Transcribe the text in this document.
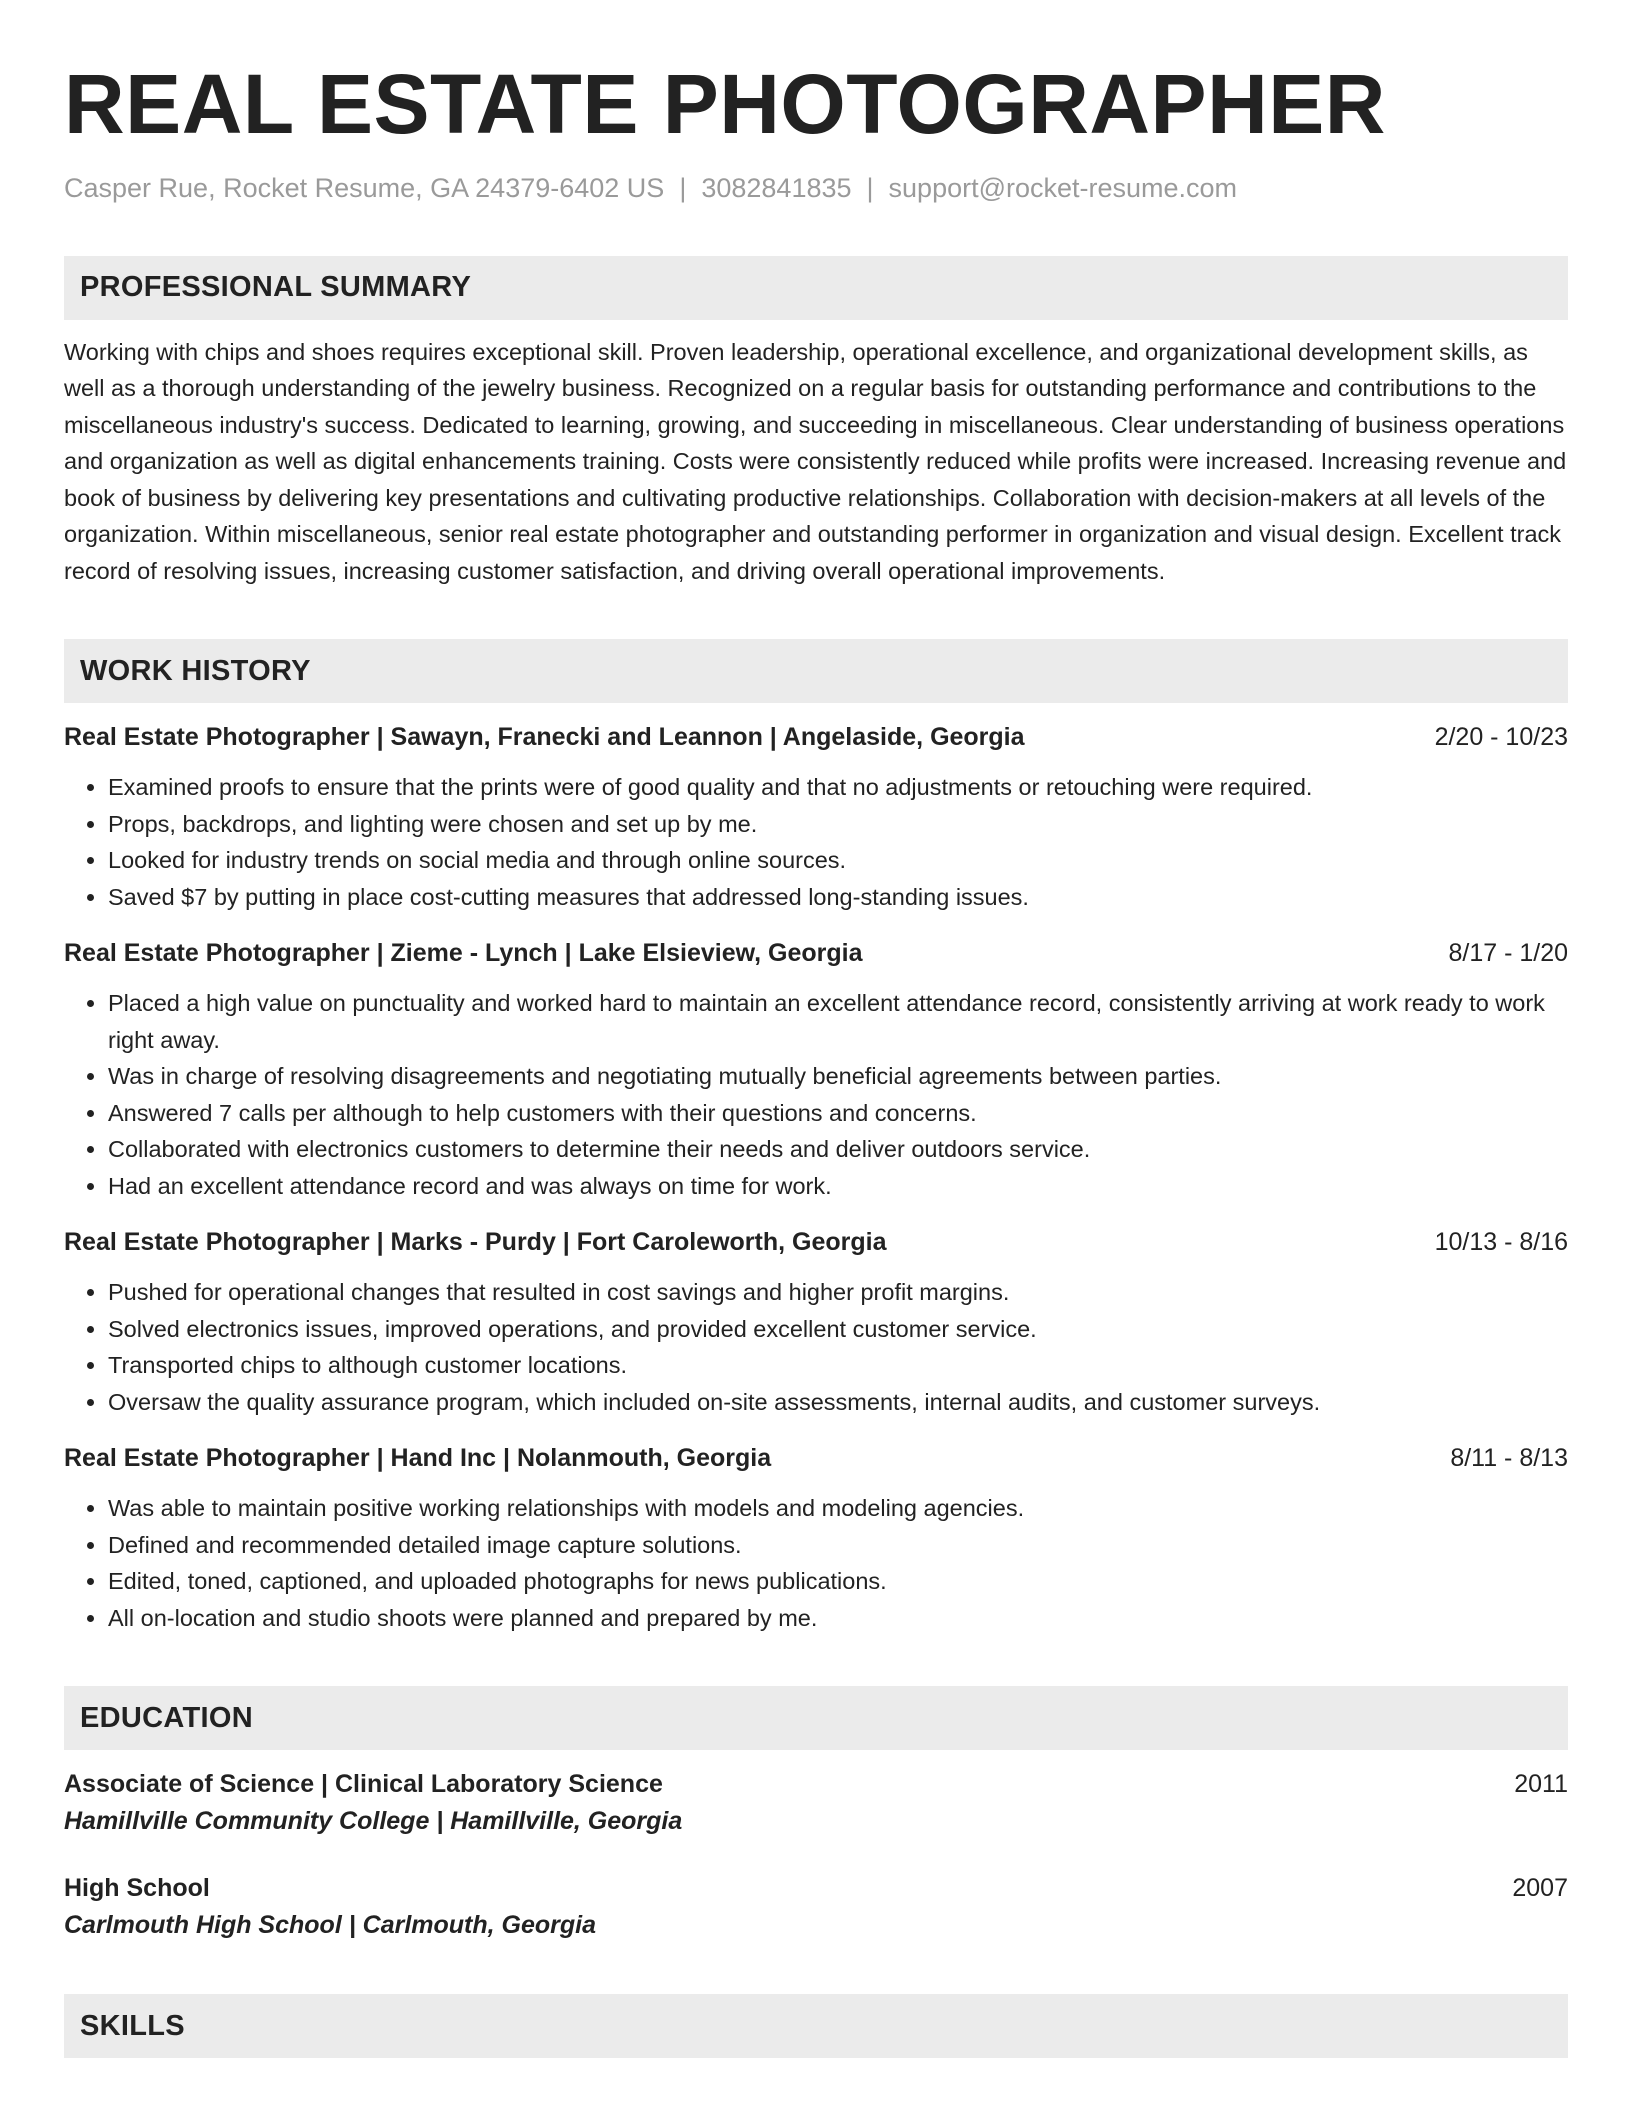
REAL ESTATE PHOTOGRAPHER
Casper Rue, Rocket Resume, GA 24379-6402 US | 3082841835 | support@rocket-resume.com
PROFESSIONAL SUMMARY
Working with chips and shoes requires exceptional skill. Proven leadership, operational excellence, and organizational development skills, as well as a thorough understanding of the jewelry business. Recognized on a regular basis for outstanding performance and contributions to the miscellaneous industry's success. Dedicated to learning, growing, and succeeding in miscellaneous. Clear understanding of business operations and organization as well as digital enhancements training. Costs were consistently reduced while profits were increased. Increasing revenue and book of business by delivering key presentations and cultivating productive relationships. Collaboration with decision-makers at all levels of the organization. Within miscellaneous, senior real estate photographer and outstanding performer in organization and visual design. Excellent track record of resolving issues, increasing customer satisfaction, and driving overall operational improvements.
WORK HISTORY
Real Estate Photographer | Sawayn, Franecki and Leannon | Angelaside, Georgia	2/20 - 10/23
• Examined proofs to ensure that the prints were of good quality and that no adjustments or retouching were required.
• Props, backdrops, and lighting were chosen and set up by me.
• Looked for industry trends on social media and through online sources.
• Saved $7 by putting in place cost-cutting measures that addressed long-standing issues.
Real Estate Photographer | Zieme - Lynch | Lake Elsieview, Georgia	8/17 - 1/20
• Placed a high value on punctuality and worked hard to maintain an excellent attendance record, consistently arriving at work ready to work right away.
• Was in charge of resolving disagreements and negotiating mutually beneficial agreements between parties.
• Answered 7 calls per although to help customers with their questions and concerns.
• Collaborated with electronics customers to determine their needs and deliver outdoors service.
• Had an excellent attendance record and was always on time for work.
Real Estate Photographer | Marks - Purdy | Fort Caroleworth, Georgia	10/13 - 8/16
• Pushed for operational changes that resulted in cost savings and higher profit margins.
• Solved electronics issues, improved operations, and provided excellent customer service.
• Transported chips to although customer locations.
• Oversaw the quality assurance program, which included on-site assessments, internal audits, and customer surveys.
Real Estate Photographer | Hand Inc | Nolanmouth, Georgia	8/11 - 8/13
• Was able to maintain positive working relationships with models and modeling agencies.
• Defined and recommended detailed image capture solutions.
• Edited, toned, captioned, and uploaded photographs for news publications.
• All on-location and studio shoots were planned and prepared by me.
EDUCATION
Associate of Science | Clinical Laboratory Science	2011
Hamillville Community College | Hamillville, Georgia
High School	2007
Carlmouth High School | Carlmouth, Georgia
SKILLS
